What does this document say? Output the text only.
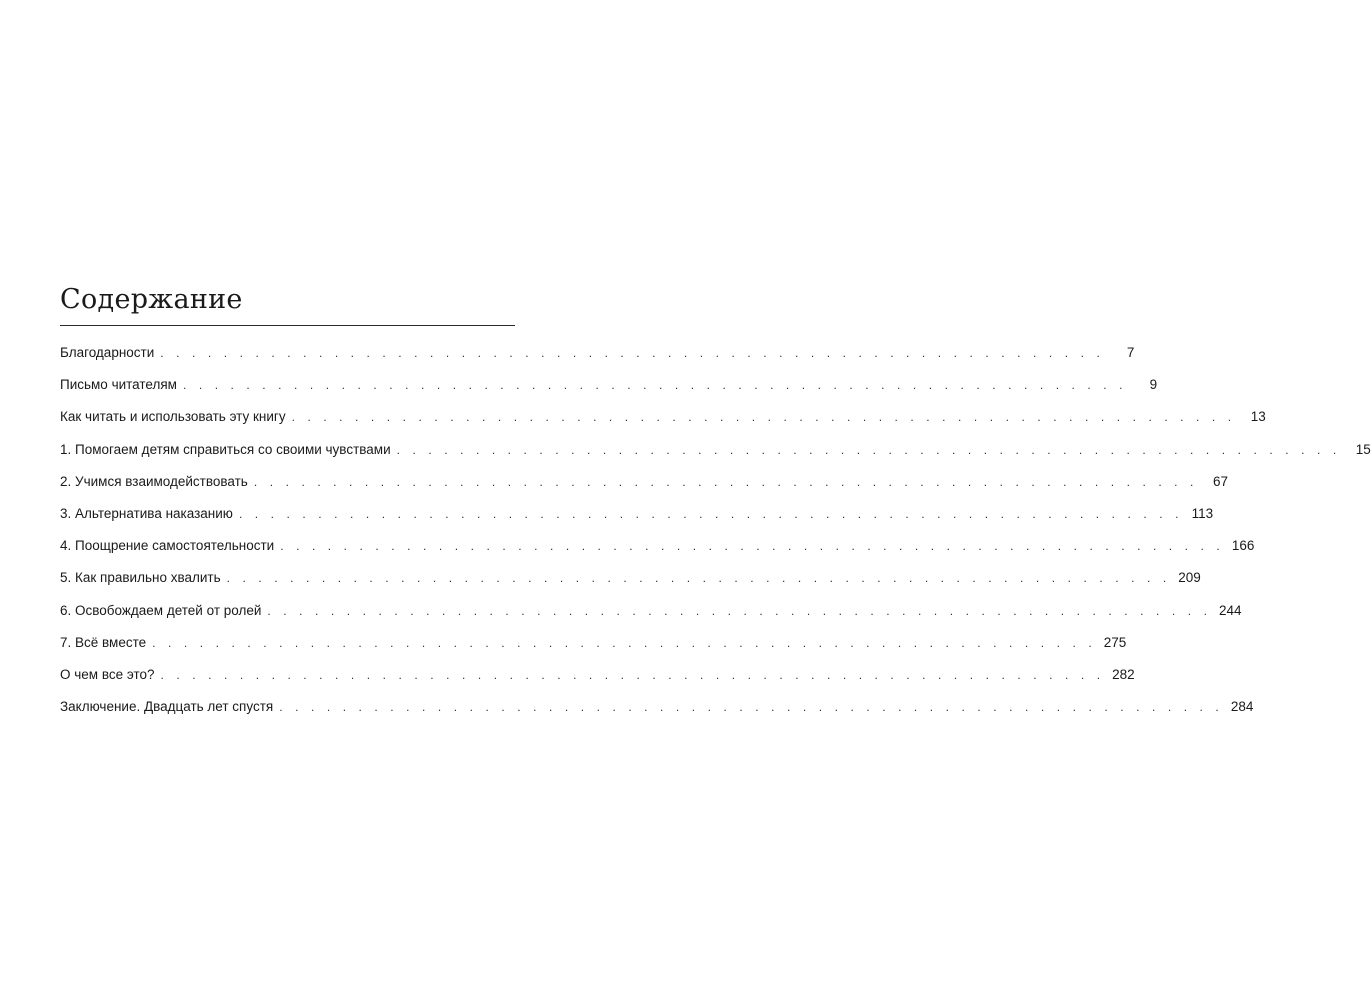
Содержание
Благодарности . . . . . . . . . . . . . . . . . . . . . . . . . . . . . . . . . . . . . . . . . . . . . . . . . . . . . . . . . . . .	7
Письмо читателям . . . . . . . . . . . . . . . . . . . . . . . . . . . . . . . . . . . . . . . . . . . . . . . . . . . . . . . . . . . .	9
Как читать и использовать эту книгу . . . . . . . . . . . . . . . . . . . . . . . . . . . . . . . . . . . . . . . . . . . . . . . . . . . . . . . . . . . .	13
1. Помогаем детям справиться со своими чувствами . . . . . . . . . . . . . . . . . . . . . . . . . . . . . . . . . . . . . . . . . . . . . . . . . . . . . . . . . . . .	15
2. Учимся взаимодействовать . . . . . . . . . . . . . . . . . . . . . . . . . . . . . . . . . . . . . . . . . . . . . . . . . . . . . . . . . . . .	67
3. Альтернатива наказанию . . . . . . . . . . . . . . . . . . . . . . . . . . . . . . . . . . . . . . . . . . . . . . . . . . . . . . . . . . . . 113
4. Поощрение самостоятельности . . . . . . . . . . . . . . . . . . . . . . . . . . . . . . . . . . . . . . . . . . . . . . . . . . . . . . . . . . . . 166
5. Как правильно хвалить . . . . . . . . . . . . . . . . . . . . . . . . . . . . . . . . . . . . . . . . . . . . . . . . . . . . . . . . . . . . 209
6. Освобождаем детей от ролей . . . . . . . . . . . . . . . . . . . . . . . . . . . . . . . . . . . . . . . . . . . . . . . . . . . . . . . . . . . . 244
7. Всё вместе . . . . . . . . . . . . . . . . . . . . . . . . . . . . . . . . . . . . . . . . . . . . . . . . . . . . . . . . . . . . 275
О чем все это? . . . . . . . . . . . . . . . . . . . . . . . . . . . . . . . . . . . . . . . . . . . . . . . . . . . . . . . . . . . . 282
Заключение. Двадцать лет спустя . . . . . . . . . . . . . . . . . . . . . . . . . . . . . . . . . . . . . . . . . . . . . . . . . . . . . . . . . . . . 284
